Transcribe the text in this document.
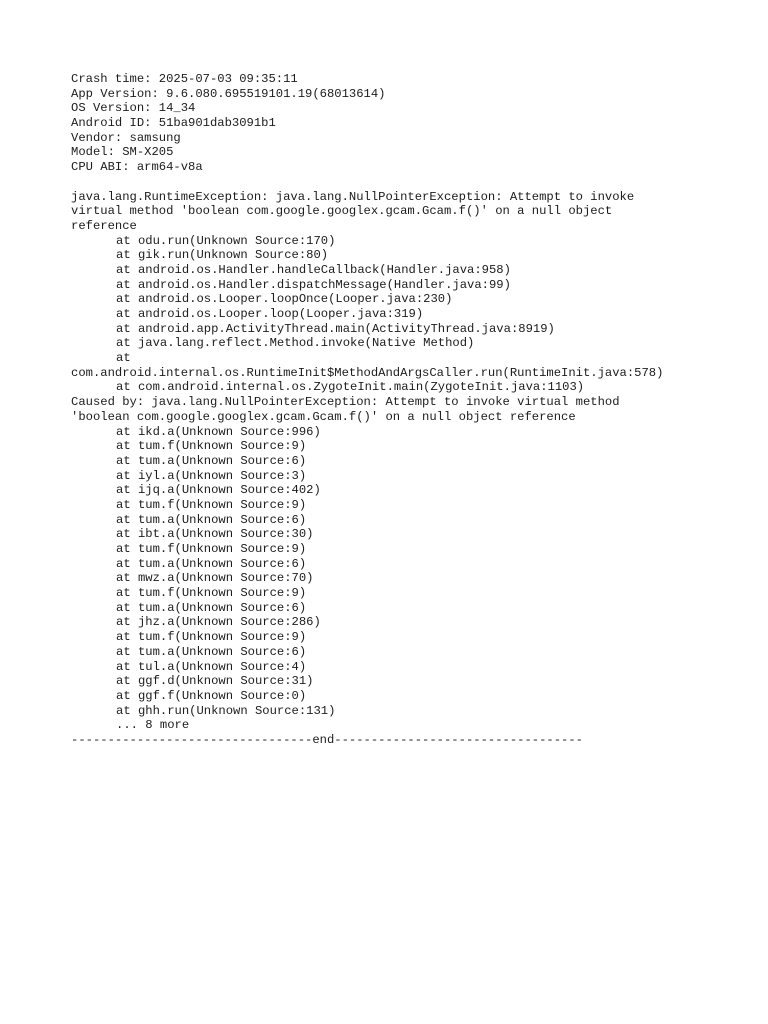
Crash time: 2025-07-03 09:35:11
App Version: 9.6.080.695519101.19(68013614)
OS Version: 14_34
Android ID: 51ba901dab3091b1
Vendor: samsung
Model: SM-X205
CPU ABI: arm64-v8a
java.lang.RuntimeException: java.lang.NullPointerException: Attempt to invoke
virtual method 'boolean com.google.googlex.gcam.Gcam.f()' on a null object
reference
at odu.run(Unknown Source:170)
at gik.run(Unknown Source:80)
at android.os.Handler.handleCallback(Handler.java:958)
at android.os.Handler.dispatchMessage(Handler.java:99)
at android.os.Looper.loopOnce(Looper.java:230)
at android.os.Looper.loop(Looper.java:319)
at android.app.ActivityThread.main(ActivityThread.java:8919)
at java.lang.reflect.Method.invoke(Native Method)
at
com.android.internal.os.RuntimeInit$MethodAndArgsCaller.run(RuntimeInit.java:578)
at com.android.internal.os.ZygoteInit.main(ZygoteInit.java:1103)
Caused by: java.lang.NullPointerException: Attempt to invoke virtual method
'boolean com.google.googlex.gcam.Gcam.f()' on a null object reference
at ikd.a(Unknown Source:996)
at tum.f(Unknown Source:9)
at tum.a(Unknown Source:6)
at iyl.a(Unknown Source:3)
at ijq.a(Unknown Source:402)
at tum.f(Unknown Source:9)
at tum.a(Unknown Source:6)
at ibt.a(Unknown Source:30)
at tum.f(Unknown Source:9)
at tum.a(Unknown Source:6)
at mwz.a(Unknown Source:70)
at tum.f(Unknown Source:9)
at tum.a(Unknown Source:6)
at jhz.a(Unknown Source:286)
at tum.f(Unknown Source:9)
at tum.a(Unknown Source:6)
at tul.a(Unknown Source:4)
at ggf.d(Unknown Source:31)
at ggf.f(Unknown Source:0)
at ghh.run(Unknown Source:131)
... 8 more
---------------------------------end----------------------------------
